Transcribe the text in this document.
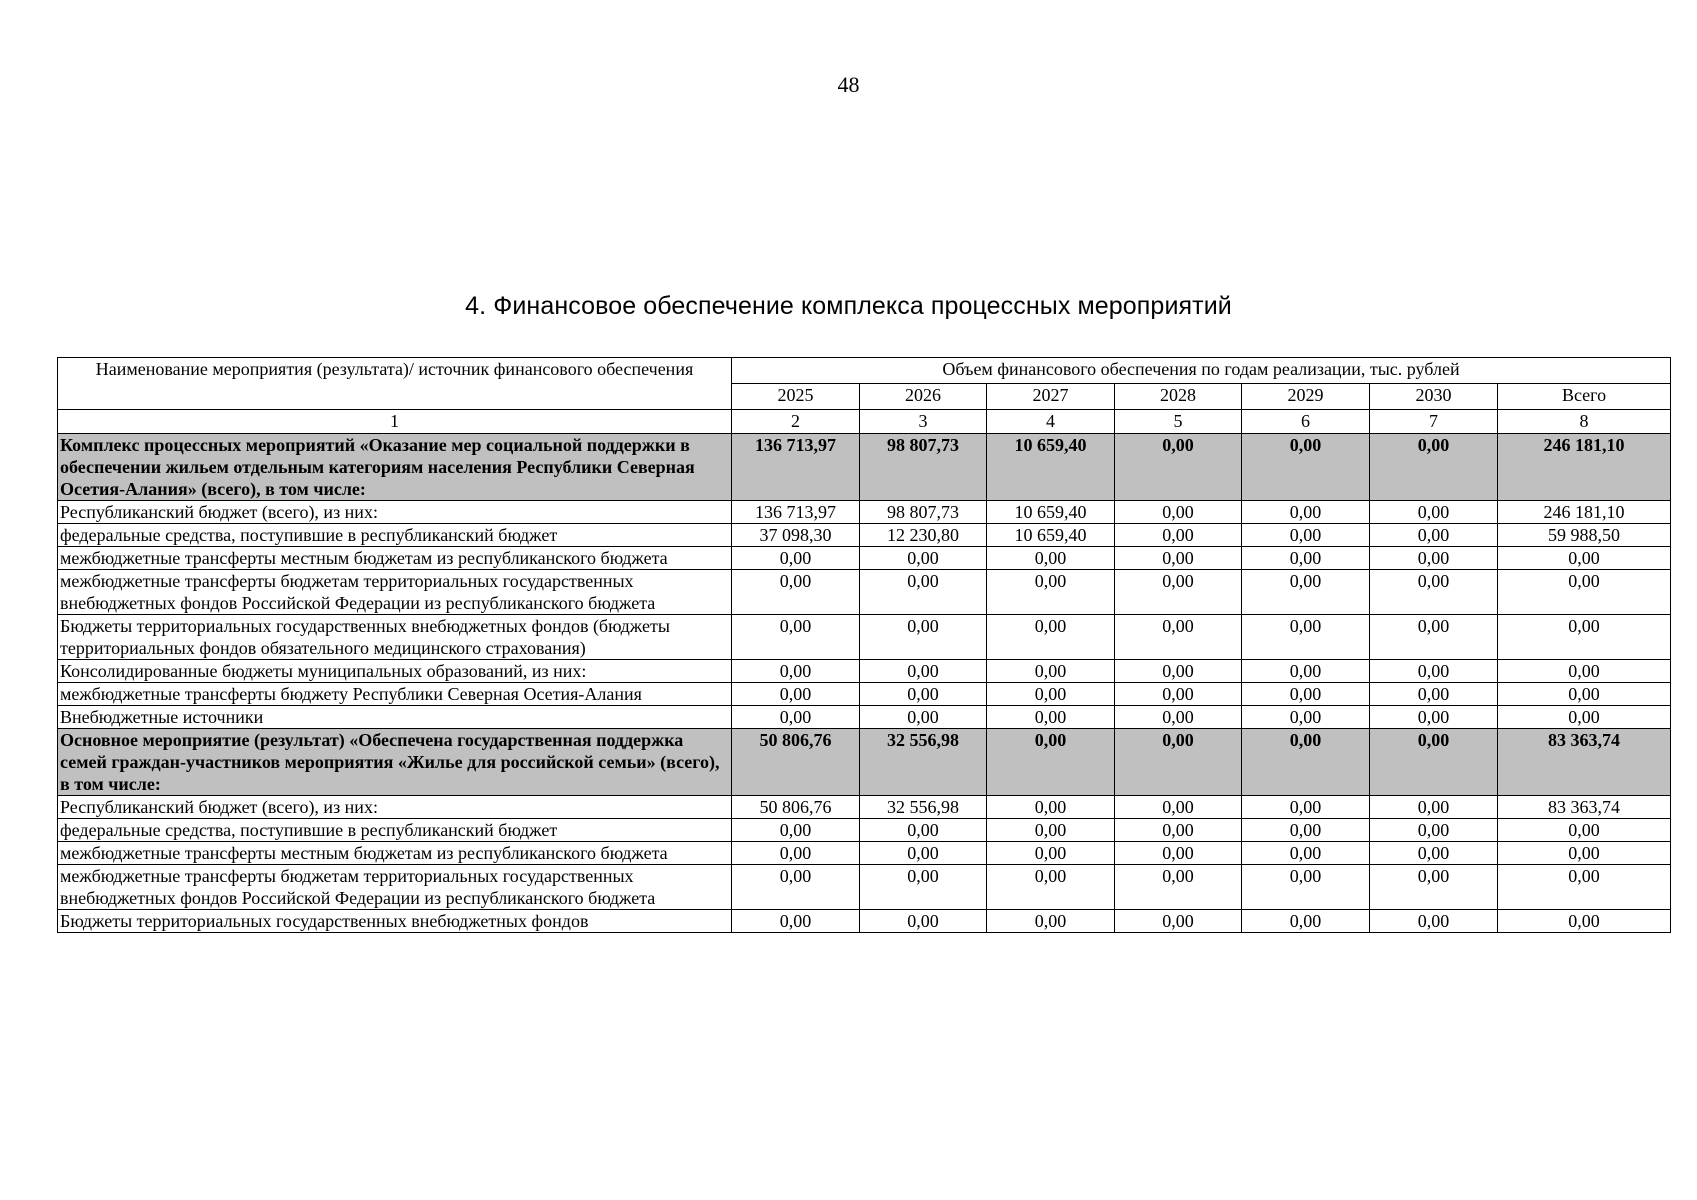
48
4. Финансовое обеспечение комплекса процессных мероприятий
Наименование мероприятия (результата)/ источник финансового обеспечения	Объем финансового обеспечения по годам реализации, тыс. рублей						
	2025	2026	2027	2028	2029	2030	Всего
1	2	3	4	5	6	7	8
Комплекс процессных мероприятий «Оказание мер социальной поддержки в обеспечении жильем отдельным категориям населения Республики Северная Осетия-Алания» (всего), в том числе:	136 713,97	98 807,73	10 659,40	0,00	0,00	0,00	246 181,10
Республиканский бюджет (всего), из них:	136 713,97	98 807,73	10 659,40	0,00	0,00	0,00	246 181,10
федеральные средства, поступившие в республиканский бюджет	37 098,30	12 230,80	10 659,40	0,00	0,00	0,00	59 988,50
межбюджетные трансферты местным бюджетам из республиканского бюджета	0,00	0,00	0,00	0,00	0,00	0,00	0,00
межбюджетные трансферты бюджетам территориальных государственных внебюджетных фондов Российской Федерации из республиканского бюджета	0,00	0,00	0,00	0,00	0,00	0,00	0,00
Бюджеты территориальных государственных внебюджетных фондов (бюджеты территориальных фондов обязательного медицинского страхования)	0,00	0,00	0,00	0,00	0,00	0,00	0,00
Консолидированные бюджеты муниципальных образований, из них:	0,00	0,00	0,00	0,00	0,00	0,00	0,00
межбюджетные трансферты бюджету Республики Северная Осетия-Алания	0,00	0,00	0,00	0,00	0,00	0,00	0,00
Внебюджетные источники	0,00	0,00	0,00	0,00	0,00	0,00	0,00
Основное мероприятие (результат) «Обеспечена государственная поддержка семей граждан-участников мероприятия «Жилье для российской семьи» (всего), в том числе:	50 806,76	32 556,98	0,00	0,00	0,00	0,00	83 363,74
Республиканский бюджет (всего), из них:	50 806,76	32 556,98	0,00	0,00	0,00	0,00	83 363,74
федеральные средства, поступившие в республиканский бюджет	0,00	0,00	0,00	0,00	0,00	0,00	0,00
межбюджетные трансферты местным бюджетам из республиканского бюджета	0,00	0,00	0,00	0,00	0,00	0,00	0,00
межбюджетные трансферты бюджетам территориальных государственных внебюджетных фондов Российской Федерации из республиканского бюджета	0,00	0,00	0,00	0,00	0,00	0,00	0,00
Бюджеты территориальных государственных внебюджетных фондов	0,00	0,00	0,00	0,00	0,00	0,00	0,00
